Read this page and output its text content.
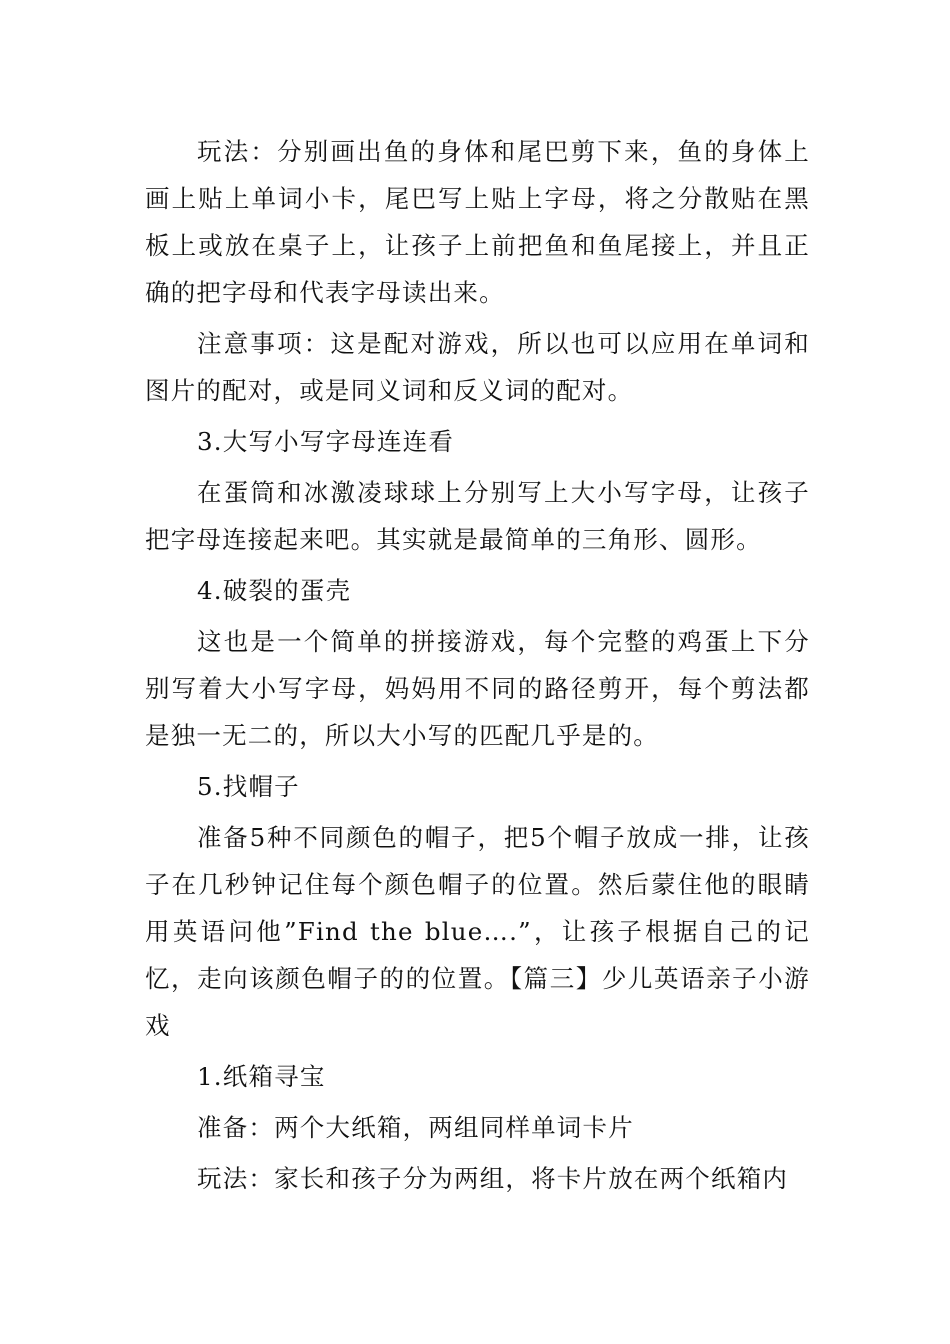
玩法：分别画出鱼的身体和尾巴剪下来，鱼的身体上画上贴上单词小卡，尾巴写上贴上字母，将之分散贴在黑板上或放在桌子上，让孩子上前把鱼和鱼尾接上，并且正确的把字母和代表字母读出来。

注意事项：这是配对游戏，所以也可以应用在单词和图片的配对，或是同义词和反义词的配对。

3.大写小写字母连连看

在蛋筒和冰激凌球球上分别写上大小写字母，让孩子把字母连接起来吧。其实就是最简单的三角形、圆形。

4.破裂的蛋壳

这也是一个简单的拼接游戏，每个完整的鸡蛋上下分别写着大小写字母，妈妈用不同的路径剪开，每个剪法都是独一无二的，所以大小写的匹配几乎是的。

5.找帽子

准备5种不同颜色的帽子，把5个帽子放成一排，让孩子在几秒钟记住每个颜色帽子的位置。然后蒙住他的眼睛用英语问他”Find the blue….”，让孩子根据自己的记忆，走向该颜色帽子的的位置。【篇三】少儿英语亲子小游戏

1.纸箱寻宝

准备：两个大纸箱，两组同样单词卡片

玩法：家长和孩子分为两组，将卡片放在两个纸箱内
